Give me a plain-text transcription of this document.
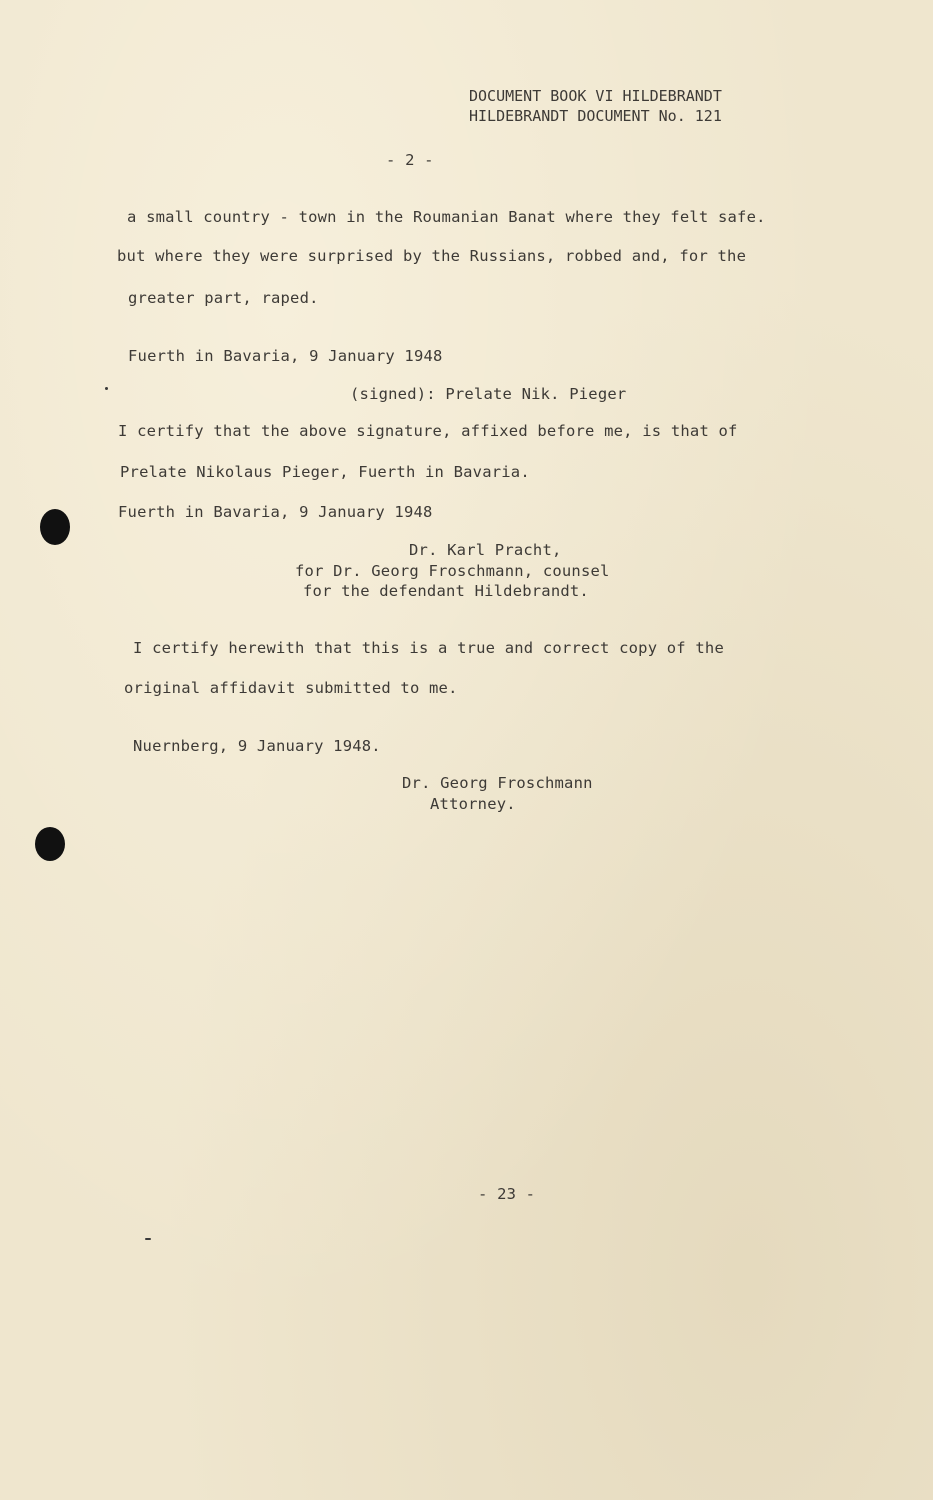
DOCUMENT BOOK VI HILDEBRANDT
HILDEBRANDT DOCUMENT No. 121
- 2 -
a small country - town in the Roumanian Banat where they felt safe.
but where they were surprised by the Russians, robbed and, for the
greater part, raped.
Fuerth in Bavaria, 9 January 1948
(signed): Prelate Nik. Pieger
I certify that the above signature, affixed before me, is that of
Prelate Nikolaus Pieger, Fuerth in Bavaria.
Fuerth in Bavaria, 9 January 1948
Dr. Karl Pracht,
for Dr. Georg Froschmann, counsel
for the defendant Hildebrandt.
I certify herewith that this is a true and correct copy of the
original affidavit submitted to me.
Nuernberg, 9 January 1948.
Dr. Georg Froschmann
Attorney.
- 23 -
